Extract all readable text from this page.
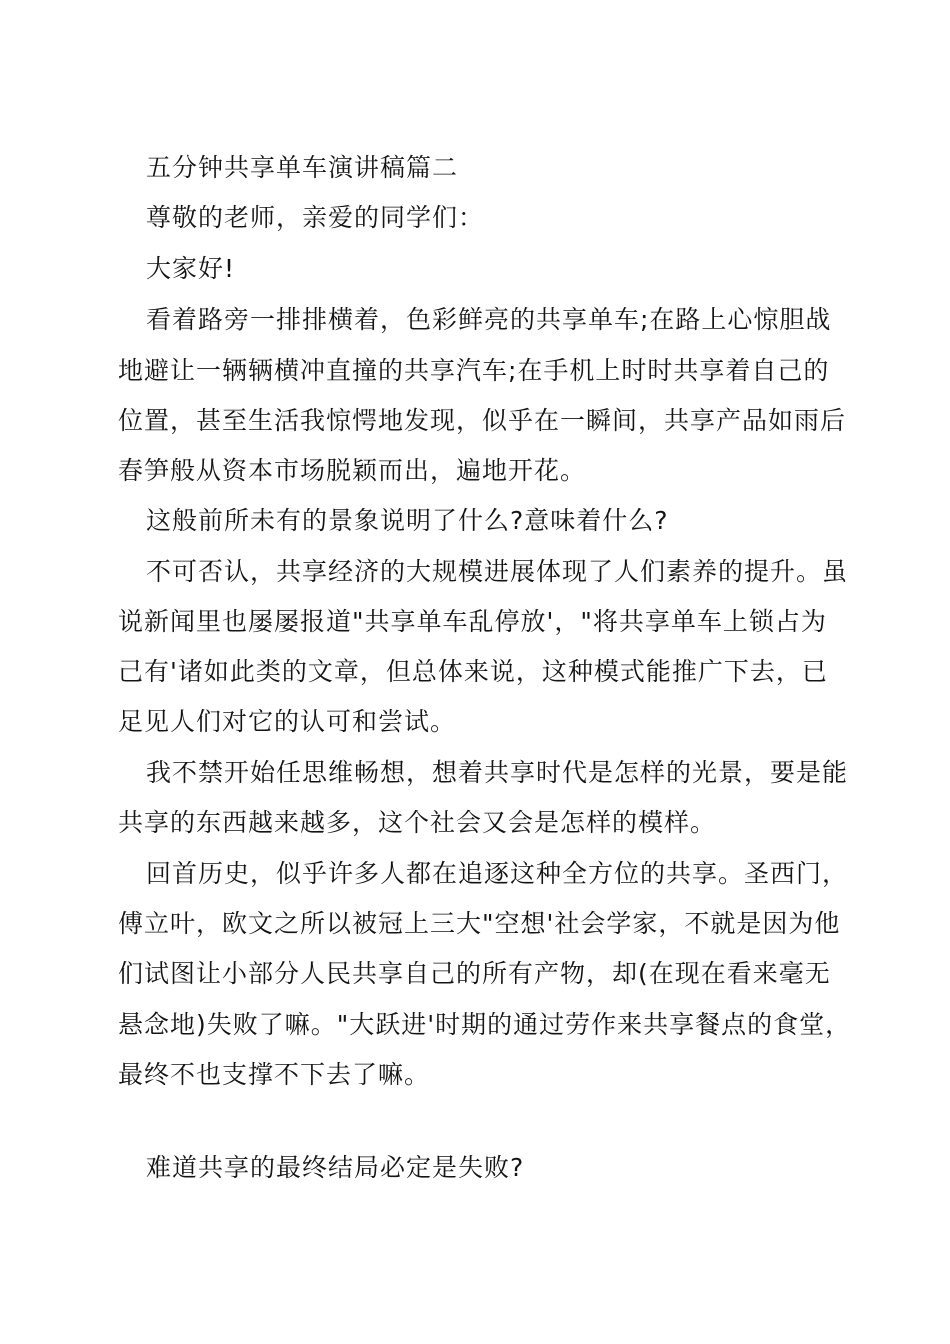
五分钟共享单车演讲稿篇二
尊敬的老师，亲爱的同学们：
大家好!
看着路旁一排排横着，色彩鲜亮的共享单车;在路上心惊胆战
地避让一辆辆横冲直撞的共享汽车;在手机上时时共享着自己的
位置，甚至生活我惊愕地发现，似乎在一瞬间，共享产品如雨后
春笋般从资本市场脱颖而出，遍地开花。
这般前所未有的景象说明了什么?意味着什么?
不可否认，共享经济的大规模进展体现了人们素养的提升。虽
说新闻里也屡屡报道"共享单车乱停放'，"将共享单车上锁占为
己有'诸如此类的文章，但总体来说，这种模式能推广下去，已
足见人们对它的认可和尝试。
我不禁开始任思维畅想，想着共享时代是怎样的光景，要是能
共享的东西越来越多，这个社会又会是怎样的模样。
回首历史，似乎许多人都在追逐这种全方位的共享。圣西门，
傅立叶，欧文之所以被冠上三大"空想'社会学家，不就是因为他
们试图让小部分人民共享自己的所有产物，却(在现在看来毫无
悬念地)失败了嘛。"大跃进'时期的通过劳作来共享餐点的食堂，
最终不也支撑不下去了嘛。
难道共享的最终结局必定是失败?
